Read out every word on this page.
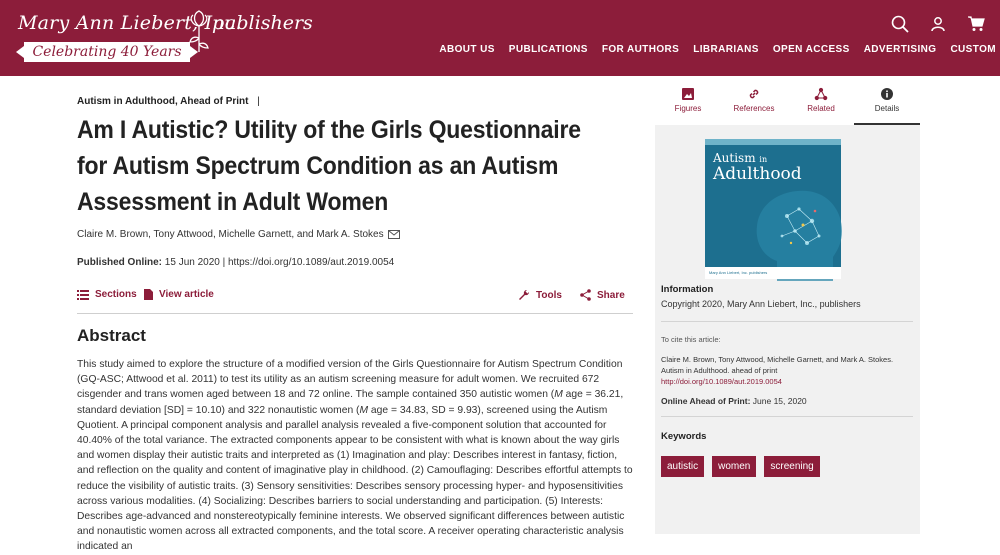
Mary Ann Liebert, Inc.
publishers
Celebrating 40 Years	ABOUT US PUBLICATIONS FOR AUTHORS LIBRARIANS OPEN ACCESS ADVERTISING CUSTOM
Autism in Adulthood, Ahead of Print |
Am I Autistic? Utility of the Girls Questionnaire for Autism Spectrum Condition as an Autism Assessment in Adult Women
Claire M. Brown, Tony Attwood, Michelle Garnett, and Mark A. Stokes
Published Online: 15 Jun 2020 | https://doi.org/10.1089/aut.2019.0054
Sections View article	Tools	Share
Abstract

This study aimed to explore the structure of a modified version of the Girls Questionnaire for Autism Spectrum Condition (GQ-ASC; Attwood et al. 2011) to test its utility as an autism screening measure for adult women. We recruited 672 cisgender and trans women aged between 18 and 72 online. The sample contained 350 autistic women (M age = 36.21, standard deviation [SD] = 10.10) and 322 nonautistic women (M age = 34.83, SD = 9.93), screened using the Autism Quotient. A principal component analysis and parallel analysis revealed a five-component solution that accounted for 40.40% of the total variance. The extracted components appear to be consistent with what is known about the way girls and women display their autistic traits and interpreted as (1) Imagination and play: Describes interest in fantasy, fiction, and reflection on the quality and content of imaginative play in childhood. (2) Camouflaging: Describes effortful attempts to reduce the visibility of autistic traits. (3) Sensory sensitivities: Describes sensory processing hyper- and hyposensitivities across various modalities. (4) Socializing: Describes barriers to social understanding and participation. (5) Interests: Describes age-advanced and nonstereotypically feminine interests. We observed significant differences between autistic and nonautistic women across all extracted components, and the total score. A receiver operating characteristic analysis indicated an

Figures	References	Related	Details
Autism in
Adulthood
Mary Ann Liebert, Inc. publishers
Information
Copyright 2020, Mary Ann Liebert, Inc., publishers
To cite this article:
Claire M. Brown, Tony Attwood, Michelle Garnett, and Mark A. Stokes. Autism in Adulthood. ahead of print
http://doi.org/10.1089/aut.2019.0054
Online Ahead of Print: June 15, 2020
Keywords
autistic	women	screening
